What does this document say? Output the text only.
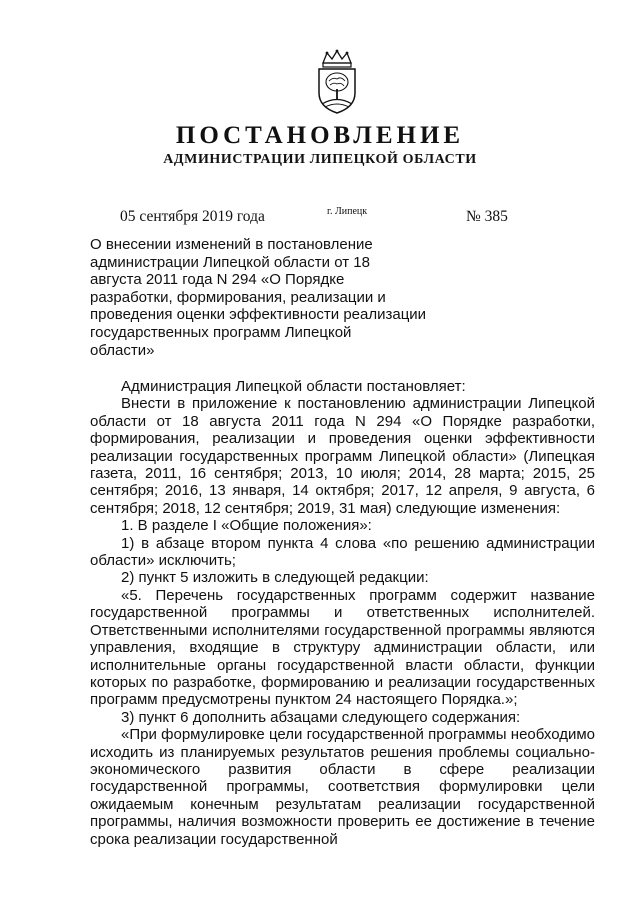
ПОСТАНОВЛЕНИЕ
АДМИНИСТРАЦИИ ЛИПЕЦКОЙ ОБЛАСТИ
05 сентября 2019 года	г. Липецк	№ 385
О внесении изменений в постановление
администрации Липецкой области от 18
августа 2011 года N 294 «О Порядке
разработки, формирования, реализации и
проведения оценки эффективности реализации
государственных программ Липецкой
области»

Администрация Липецкой области постановляет:

Внести в приложение к постановлению администрации Липецкой области от 18 августа 2011 года N 294 «О Порядке разработки, формирования, реализации и проведения оценки эффективности реализации государственных программ Липецкой области» (Липецкая газета, 2011, 16 сентября; 2013, 10 июля; 2014, 28 марта; 2015, 25 сентября; 2016, 13 января, 14 октября; 2017, 12 апреля, 9 августа, 6 сентября; 2018, 12 сентября; 2019, 31 мая) следующие изменения:

1. В разделе I «Общие положения»:

1) в абзаце втором пункта 4 слова «по решению администрации области» исключить;

2) пункт 5 изложить в следующей редакции:

«5. Перечень государственных программ содержит название государственной программы и ответственных исполнителей. Ответственными исполнителями государственной программы являются управления, входящие в структуру администрации области, или исполнительные органы государственной власти области, функции которых по разработке, формированию и реализации государственных программ предусмотрены пунктом 24 настоящего Порядка.»;

3) пункт 6 дополнить абзацами следующего содержания:

«При формулировке цели государственной программы необходимо исходить из планируемых результатов решения проблемы социально-экономического развития области в сфере реализации государственной программы, соответствия формулировки цели ожидаемым конечным результатам реализации государственной программы, наличия возможности проверить ее достижение в течение срока реализации государственной
